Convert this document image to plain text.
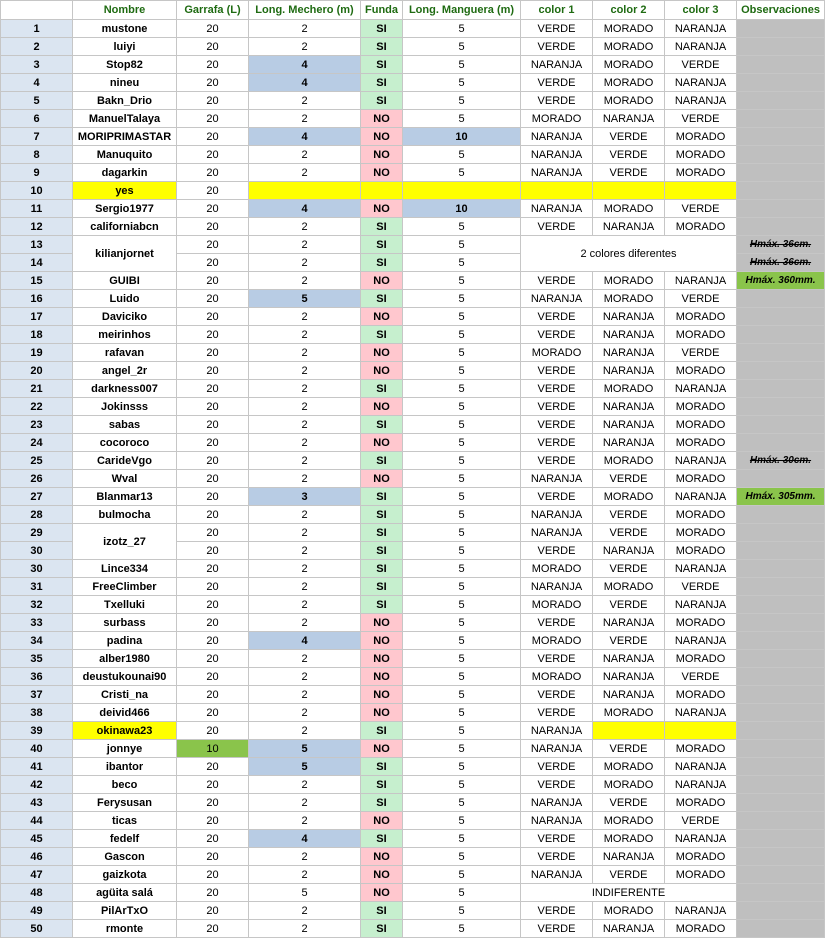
	Nombre	Garrafa (L)	Long. Mechero (m)	Funda	Long. Manguera (m)	color 1	color 2	color 3	Observaciones
1	mustone	20	2	SI	5	VERDE	MORADO	NARANJA	
2	luiyi	20	2	SI	5	VERDE	MORADO	NARANJA	
3	Stop82	20	4	SI	5	NARANJA	MORADO	VERDE	
4	nineu	20	4	SI	5	VERDE	MORADO	NARANJA	
5	Bakn_Drio	20	2	SI	5	VERDE	MORADO	NARANJA	
6	ManuelTalaya	20	2	NO	5	MORADO	NARANJA	VERDE	
7	MORIPRIMASTAR	20	4	NO	10	NARANJA	VERDE	MORADO	
8	Manuquito	20	2	NO	5	NARANJA	VERDE	MORADO	
9	dagarkin	20	2	NO	5	NARANJA	VERDE	MORADO	
10	yes	20							
11	Sergio1977	20	4	NO	10	NARANJA	MORADO	VERDE	
12	californiabcn	20	2	SI	5	VERDE	NARANJA	MORADO	
13	kilianjornet	20	2	SI	5	2 colores diferentes			Hmáx. 36cm.
14		20	2	SI	5				Hmáx. 36cm.
15	GUIBI	20	2	NO	5	VERDE	MORADO	NARANJA	Hmáx. 360mm.
16	Luido	20	5	SI	5	NARANJA	MORADO	VERDE	
17	Daviciko	20	2	NO	5	VERDE	NARANJA	MORADO	
18	meirinhos	20	2	SI	5	VERDE	NARANJA	MORADO	
19	rafavan	20	2	NO	5	MORADO	NARANJA	VERDE	
20	angel_2r	20	2	NO	5	VERDE	NARANJA	MORADO	
21	darkness007	20	2	SI	5	VERDE	MORADO	NARANJA	
22	Jokinsss	20	2	NO	5	VERDE	NARANJA	MORADO	
23	sabas	20	2	SI	5	VERDE	NARANJA	MORADO	
24	cocoroco	20	2	NO	5	VERDE	NARANJA	MORADO	
25	CarideVgo	20	2	SI	5	VERDE	MORADO	NARANJA	Hmáx. 30cm.
26	Wval	20	2	NO	5	NARANJA	VERDE	MORADO	
27	Blanmar13	20	3	SI	5	VERDE	MORADO	NARANJA	Hmáx. 305mm.
28	bulmocha	20	2	SI	5	NARANJA	VERDE	MORADO	
29	izotz_27	20	2	SI	5	NARANJA	VERDE	MORADO	
30		20	2	SI	5	VERDE	NARANJA	MORADO	
30	Lince334	20	2	SI	5	MORADO	VERDE	NARANJA	
31	FreeClimber	20	2	SI	5	NARANJA	MORADO	VERDE	
32	Txelluki	20	2	SI	5	MORADO	VERDE	NARANJA	
33	surbass	20	2	NO	5	VERDE	NARANJA	MORADO	
34	padina	20	4	NO	5	MORADO	VERDE	NARANJA	
35	alber1980	20	2	NO	5	VERDE	NARANJA	MORADO	
36	deustukounai90	20	2	NO	5	MORADO	NARANJA	VERDE	
37	Cristi_na	20	2	NO	5	VERDE	NARANJA	MORADO	
38	deivid466	20	2	NO	5	VERDE	MORADO	NARANJA	
39	okinawa23	20	2	SI	5	NARANJA			
40	jonnye	10	5	NO	5	NARANJA	VERDE	MORADO	
41	ibantor	20	5	SI	5	VERDE	MORADO	NARANJA	
42	beco	20	2	SI	5	VERDE	MORADO	NARANJA	
43	Ferysusan	20	2	SI	5	NARANJA	VERDE	MORADO	
44	ticas	20	2	NO	5	NARANJA	MORADO	VERDE	
45	fedelf	20	4	SI	5	VERDE	MORADO	NARANJA	
46	Gascon	20	2	NO	5	VERDE	NARANJA	MORADO	
47	gaizkota	20	2	NO	5	NARANJA	VERDE	MORADO	
48	agüita salá	20	5	NO	5	INDIFERENTE			
49	PilArTxO	20	2	SI	5	VERDE	MORADO	NARANJA	
50	rmonte	20	2	SI	5	VERDE	NARANJA	MORADO	
